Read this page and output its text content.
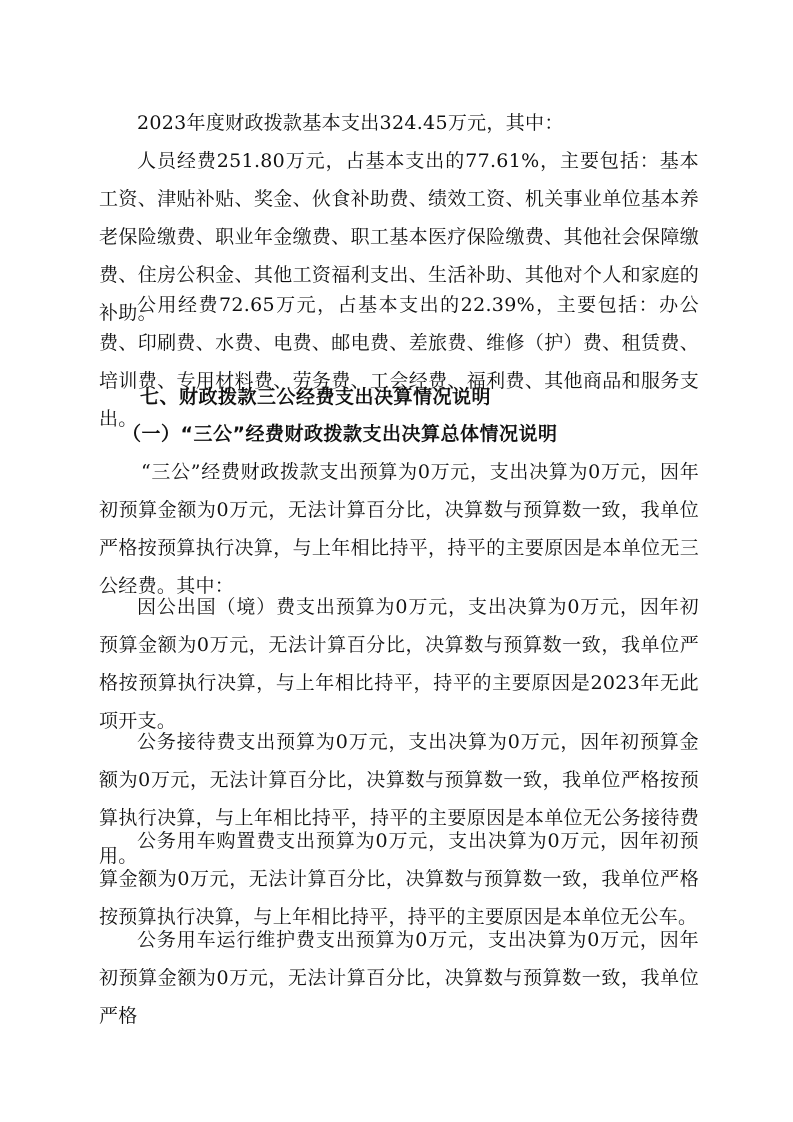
2023年度财政拨款基本支出324.45万元，其中：

人员经费251.80万元，占基本支出的77.61%，主要包括：基本工资、津贴补贴、奖金、伙食补助费、绩效工资、机关事业单位基本养老保险缴费、职业年金缴费、职工基本医疗保险缴费、其他社会保障缴费、住房公积金、其他工资福利支出、生活补助、其他对个人和家庭的补助。

公用经费72.65万元，占基本支出的22.39%，主要包括：办公费、印刷费、水费、电费、邮电费、差旅费、维修（护）费、租赁费、培训费、专用材料费、劳务费、工会经费、福利费、其他商品和服务支出。

七、财政拨款三公经费支出决算情况说明
（一）“三公”经费财政拨款支出决算总体情况说明

“三公”经费财政拨款支出预算为0万元，支出决算为0万元，因年初预算金额为0万元，无法计算百分比，决算数与预算数一致，我单位严格按预算执行决算，与上年相比持平，持平的主要原因是本单位无三公经费。其中：

因公出国（境）费支出预算为0万元，支出决算为0万元，因年初预算金额为0万元，无法计算百分比，决算数与预算数一致，我单位严格按预算执行决算，与上年相比持平，持平的主要原因是2023年无此项开支。

公务接待费支出预算为0万元，支出决算为0万元，因年初预算金额为0万元，无法计算百分比，决算数与预算数一致，我单位严格按预算执行决算，与上年相比持平，持平的主要原因是本单位无公务接待费用。

公务用车购置费支出预算为0万元，支出决算为0万元，因年初预算金额为0万元，无法计算百分比，决算数与预算数一致，我单位严格按预算执行决算，与上年相比持平，持平的主要原因是本单位无公车。

公务用车运行维护费支出预算为0万元，支出决算为0万元，因年初预算金额为0万元，无法计算百分比，决算数与预算数一致，我单位严格
